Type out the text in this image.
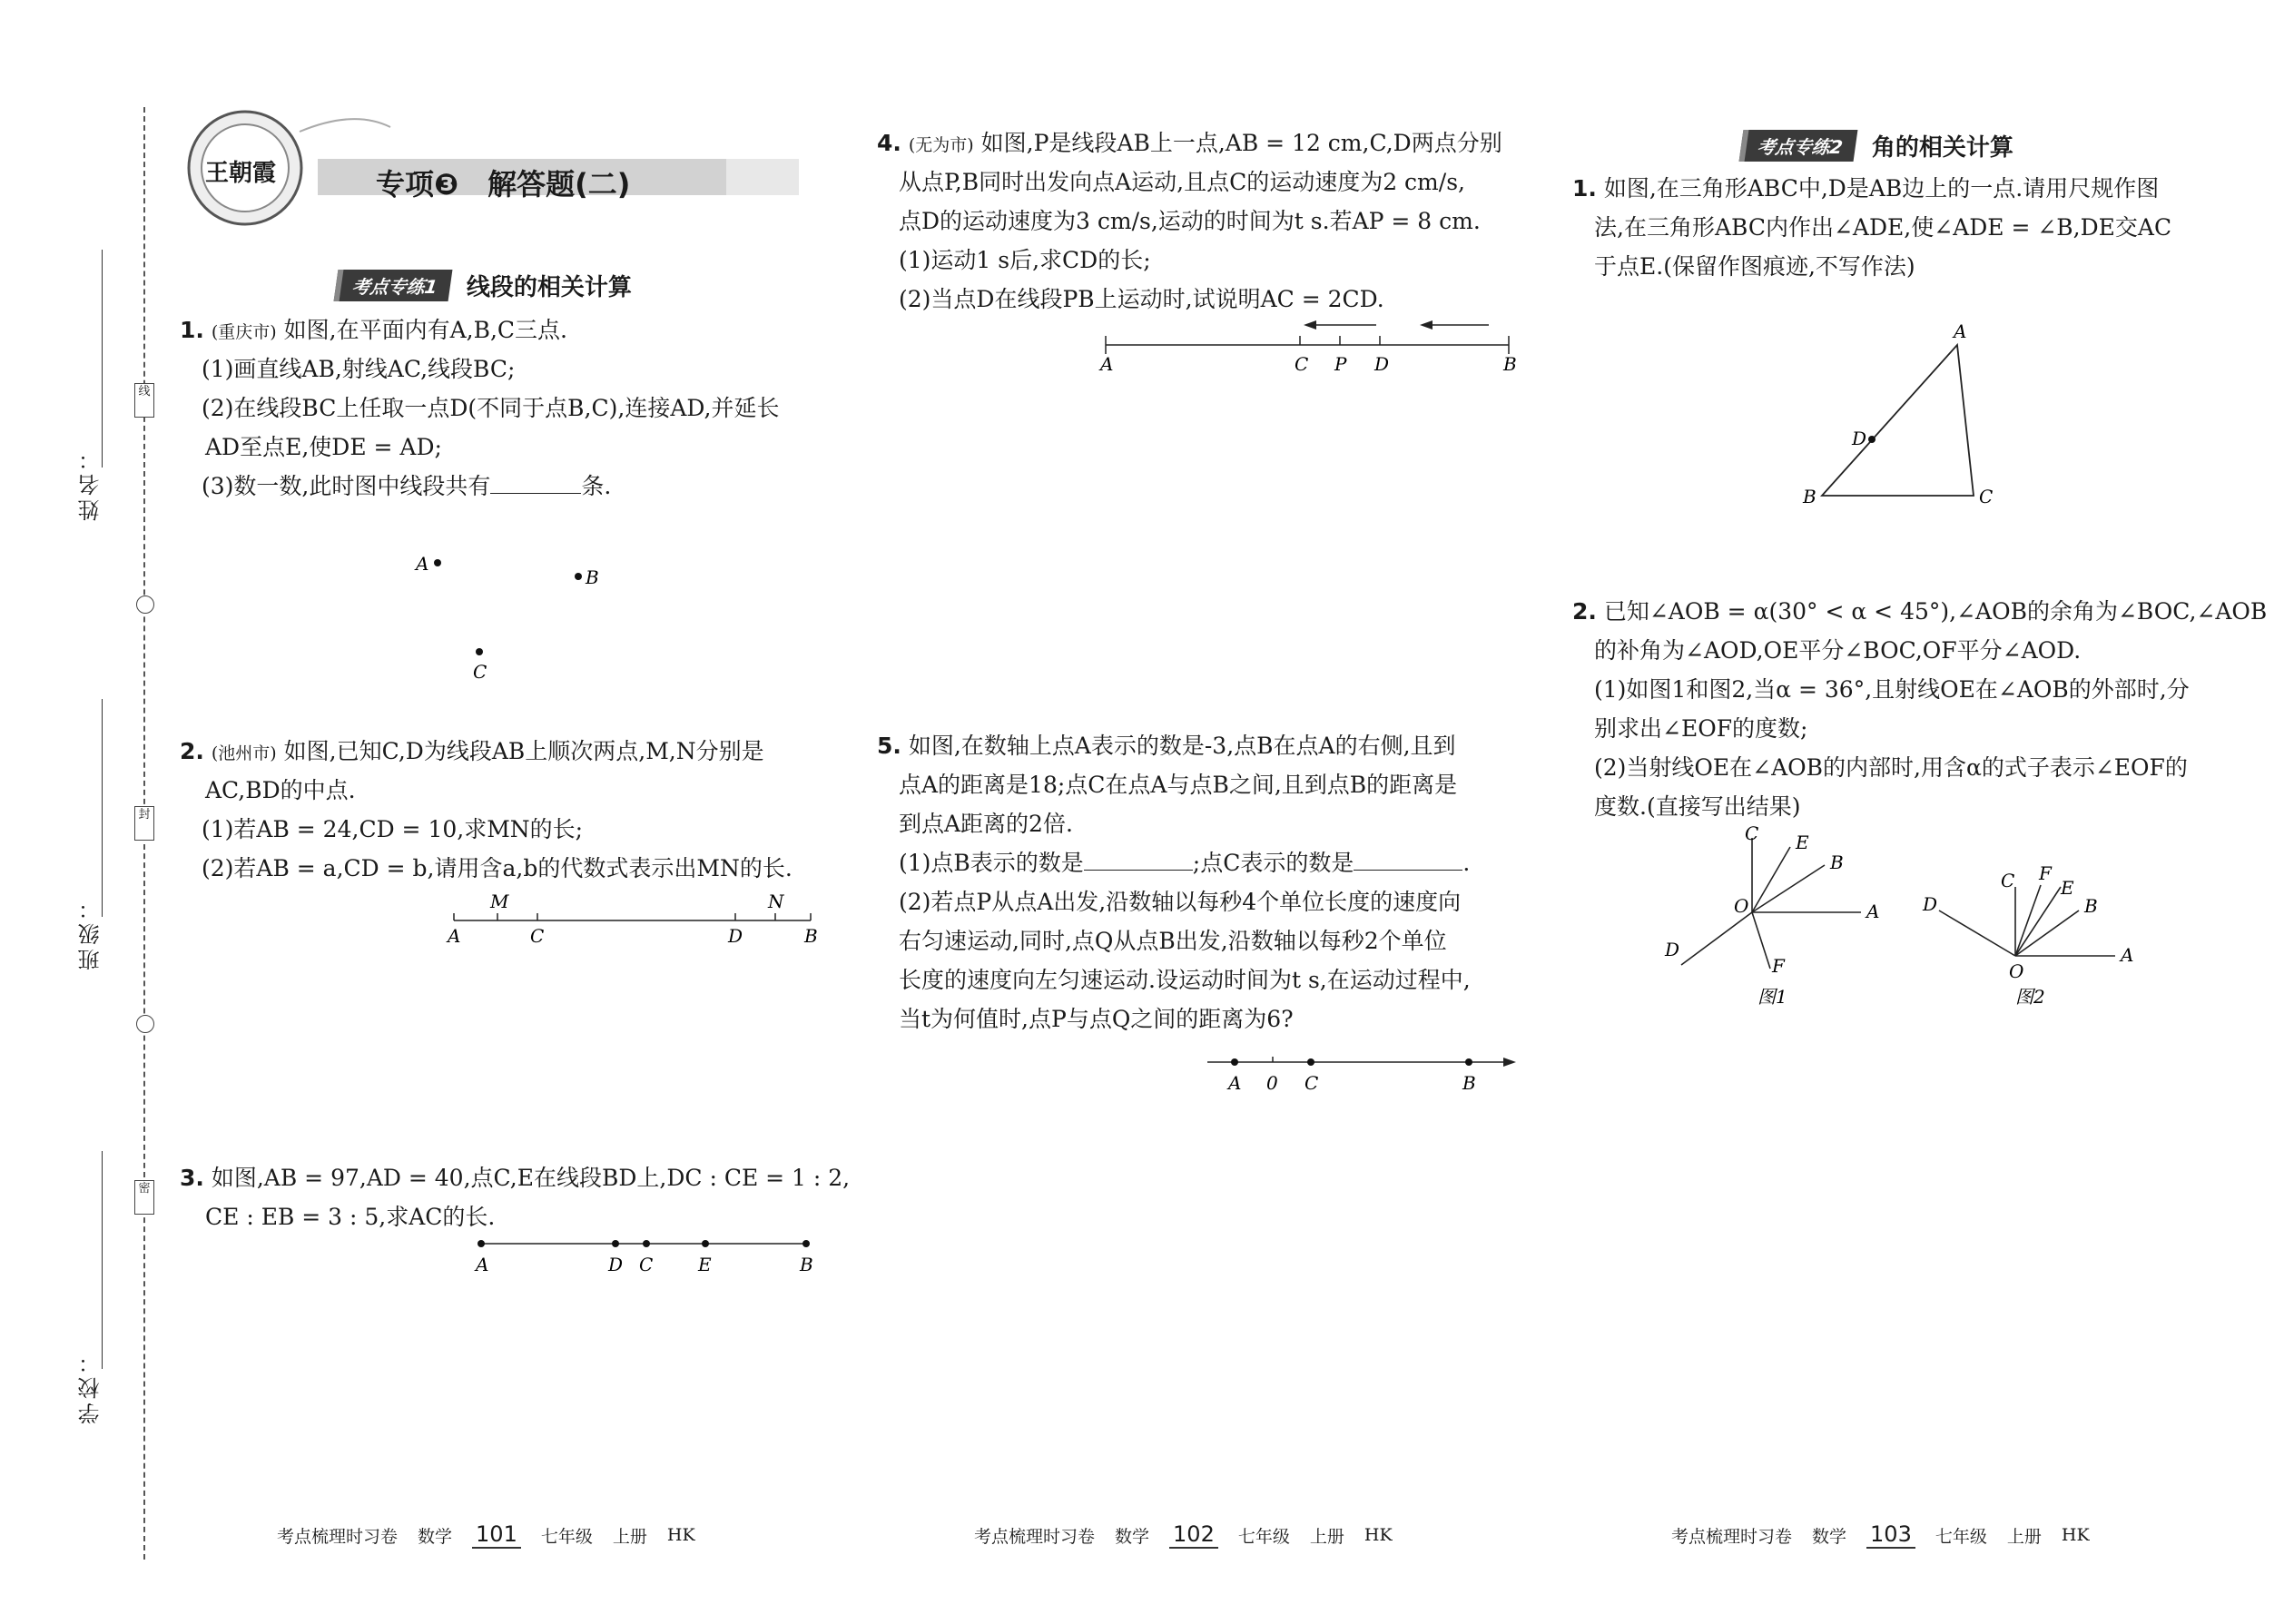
线
封
密
姓名：
班级：
学校：
王朝霞	专项❸　解答题(二)
考点专练1	线段的相关计算
1. (重庆市) 如图,在平面内有A,B,C三点.
(1)画直线AB,射线AC,线段BC;
(2)在线段BC上任取一点D(不同于点B,C),连接AD,并延长
AD至点E,使DE = AD;
(3)数一数,此时图中线段共有	条.
A
B
C
2. (池州市) 如图,已知C,D为线段AB上顺次两点,M,N分别是
AC,BD的中点.
(1)若AB = 24,CD = 10,求MN的长;
(2)若AB = a,CD = b,请用含a,b的代数式表示出MN的长.
A
M
C	D
N
B
3. 如图,AB = 97,AD = 40,点C,E在线段BD上,DC : CE = 1 : 2,
CE : EB = 3 : 5,求AC的长.
A	D C E	B
4. (无为市) 如图,P是线段AB上一点,AB = 12 cm,C,D两点分别
从点P,B同时出发向点A运动,且点C的运动速度为2 cm/s,
点D的运动速度为3 cm/s,运动的时间为t s.若AP = 8 cm.
(1)运动1 s后,求CD的长;
(2)当点D在线段PB上运动时,试说明AC = 2CD.
A	C P D	B
5. 如图,在数轴上点A表示的数是-3,点B在点A的右侧,且到
点A的距离是18;点C在点A与点B之间,且到点B的距离是
到点A距离的2倍.
(1)点B表示的数是	;点C表示的数是	.
(2)若点P从点A出发,沿数轴以每秒4个单位长度的速度向
右匀速运动,同时,点Q从点B出发,沿数轴以每秒2个单位
长度的速度向左匀速运动.设运动时间为t s,在运动过程中,
当t为何值时,点P与点Q之间的距离为6?
A 0 C	B
考点专练2	角的相关计算
1. 如图,在三角形ABC中,D是AB边上的一点.请用尺规作图
法,在三角形ABC内作出∠ADE,使∠ADE = ∠B,DE交AC
于点E.(保留作图痕迹,不写作法)
A
B	C
D
2. 已知∠AOB = α(30° < α < 45°),∠AOB的余角为∠BOC,∠AOB
的补角为∠AOD,OE平分∠BOC,OF平分∠AOD.
(1)如图1和图2,当α = 36°,且射线OE在∠AOB的外部时,分
别求出∠EOF的度数;
(2)当射线OE在∠AOB的内部时,用含α的式子表示∠EOF的
度数.(直接写出结果)
C E
B
O	A
D
F
图1
D
C F
E
B
O
A
图2
考点梳理时习卷 数学 101 七年级 上册 HK	考点梳理时习卷 数学 102 七年级 上册 HK	考点梳理时习卷 数学 103 七年级 上册 HK
